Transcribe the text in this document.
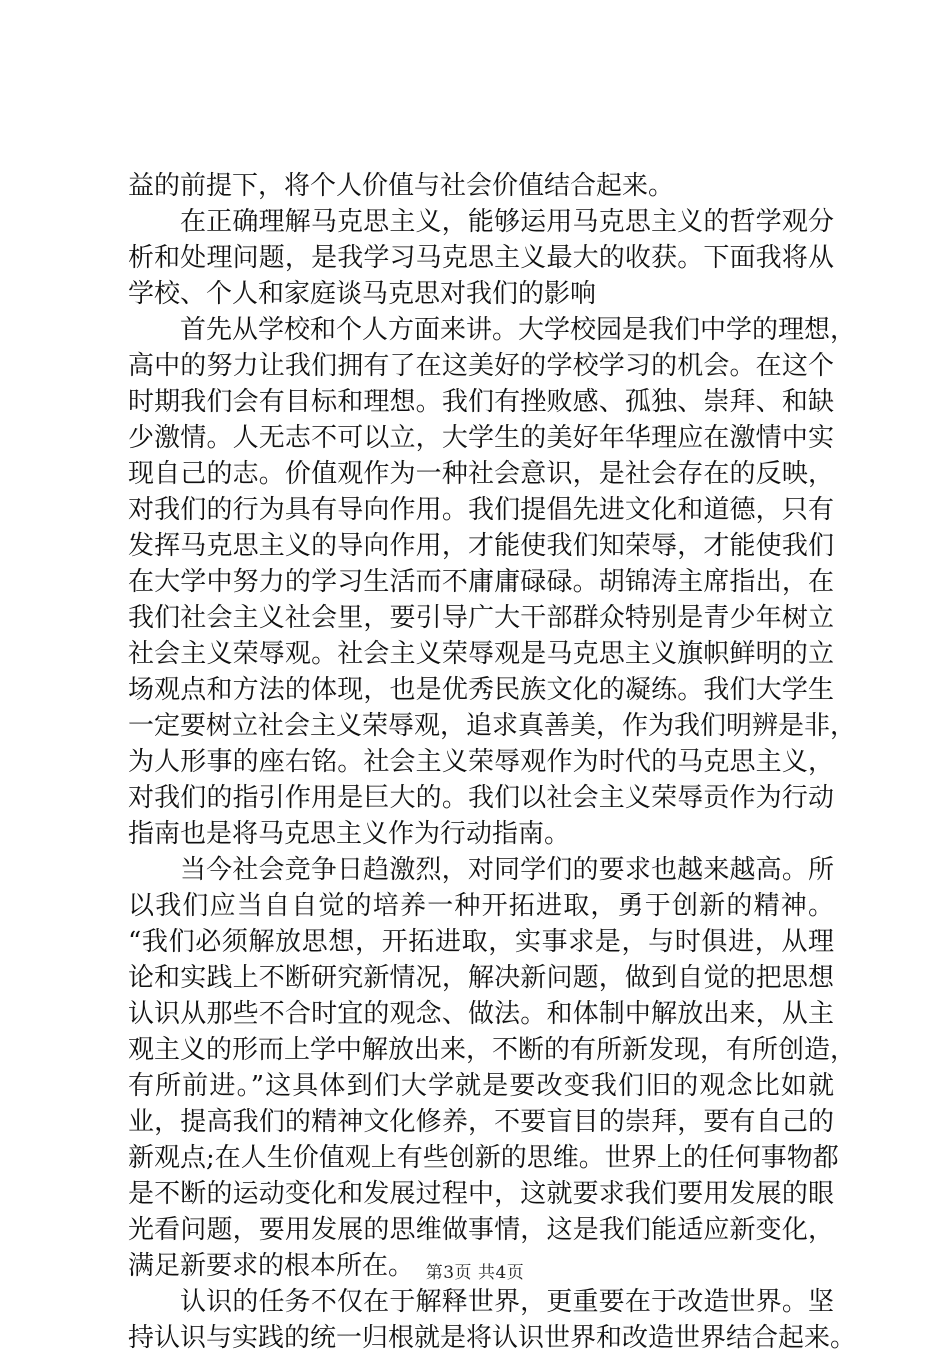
益的前提下，将个人价值与社会价值结合起来。
在正确理解马克思主义，能够运用马克思主义的哲学观分
析和处理问题，是我学习马克思主义最大的收获。下面我将从
学校、个人和家庭谈马克思对我们的影响
首先从学校和个人方面来讲。大学校园是我们中学的理想，
高中的努力让我们拥有了在这美好的学校学习的机会。在这个
时期我们会有目标和理想。我们有挫败感、孤独、崇拜、和缺
少激情。人无志不可以立，大学生的美好年华理应在激情中实
现自己的志。价值观作为一种社会意识，是社会存在的反映，
对我们的行为具有导向作用。我们提倡先进文化和道德，只有
发挥马克思主义的导向作用，才能使我们知荣辱，才能使我们
在大学中努力的学习生活而不庸庸碌碌。胡锦涛主席指出，在
我们社会主义社会里，要引导广大干部群众特别是青少年树立
社会主义荣辱观。社会主义荣辱观是马克思主义旗帜鲜明的立
场观点和方法的体现，也是优秀民族文化的凝练。我们大学生
一定要树立社会主义荣辱观，追求真善美，作为我们明辨是非，
为人形事的座右铭。社会主义荣辱观作为时代的马克思主义，
对我们的指引作用是巨大的。我们以社会主义荣辱贡作为行动
指南也是将马克思主义作为行动指南。
当今社会竞争日趋激烈，对同学们的要求也越来越高。所
以我们应当自自觉的培养一种开拓进取，勇于创新的精神。
“我们必须解放思想，开拓进取，实事求是，与时俱进，从理
论和实践上不断研究新情况，解决新问题，做到自觉的把思想
认识从那些不合时宜的观念、做法。和体制中解放出来，从主
观主义的形而上学中解放出来，不断的有所新发现，有所创造，
有所前进。”这具体到们大学就是要改变我们旧的观念比如就
业，提高我们的精神文化修养，不要盲目的崇拜，要有自己的
新观点;在人生价值观上有些创新的思维。世界上的任何事物都
是不断的运动变化和发展过程中，这就要求我们要用发展的眼
光看问题，要用发展的思维做事情，这是我们能适应新变化，
满足新要求的根本所在。
认识的任务不仅在于解释世界，更重要在于改造世界。坚
持认识与实践的统一归根就是将认识世界和改造世界结合起来。
第3页 共4页
